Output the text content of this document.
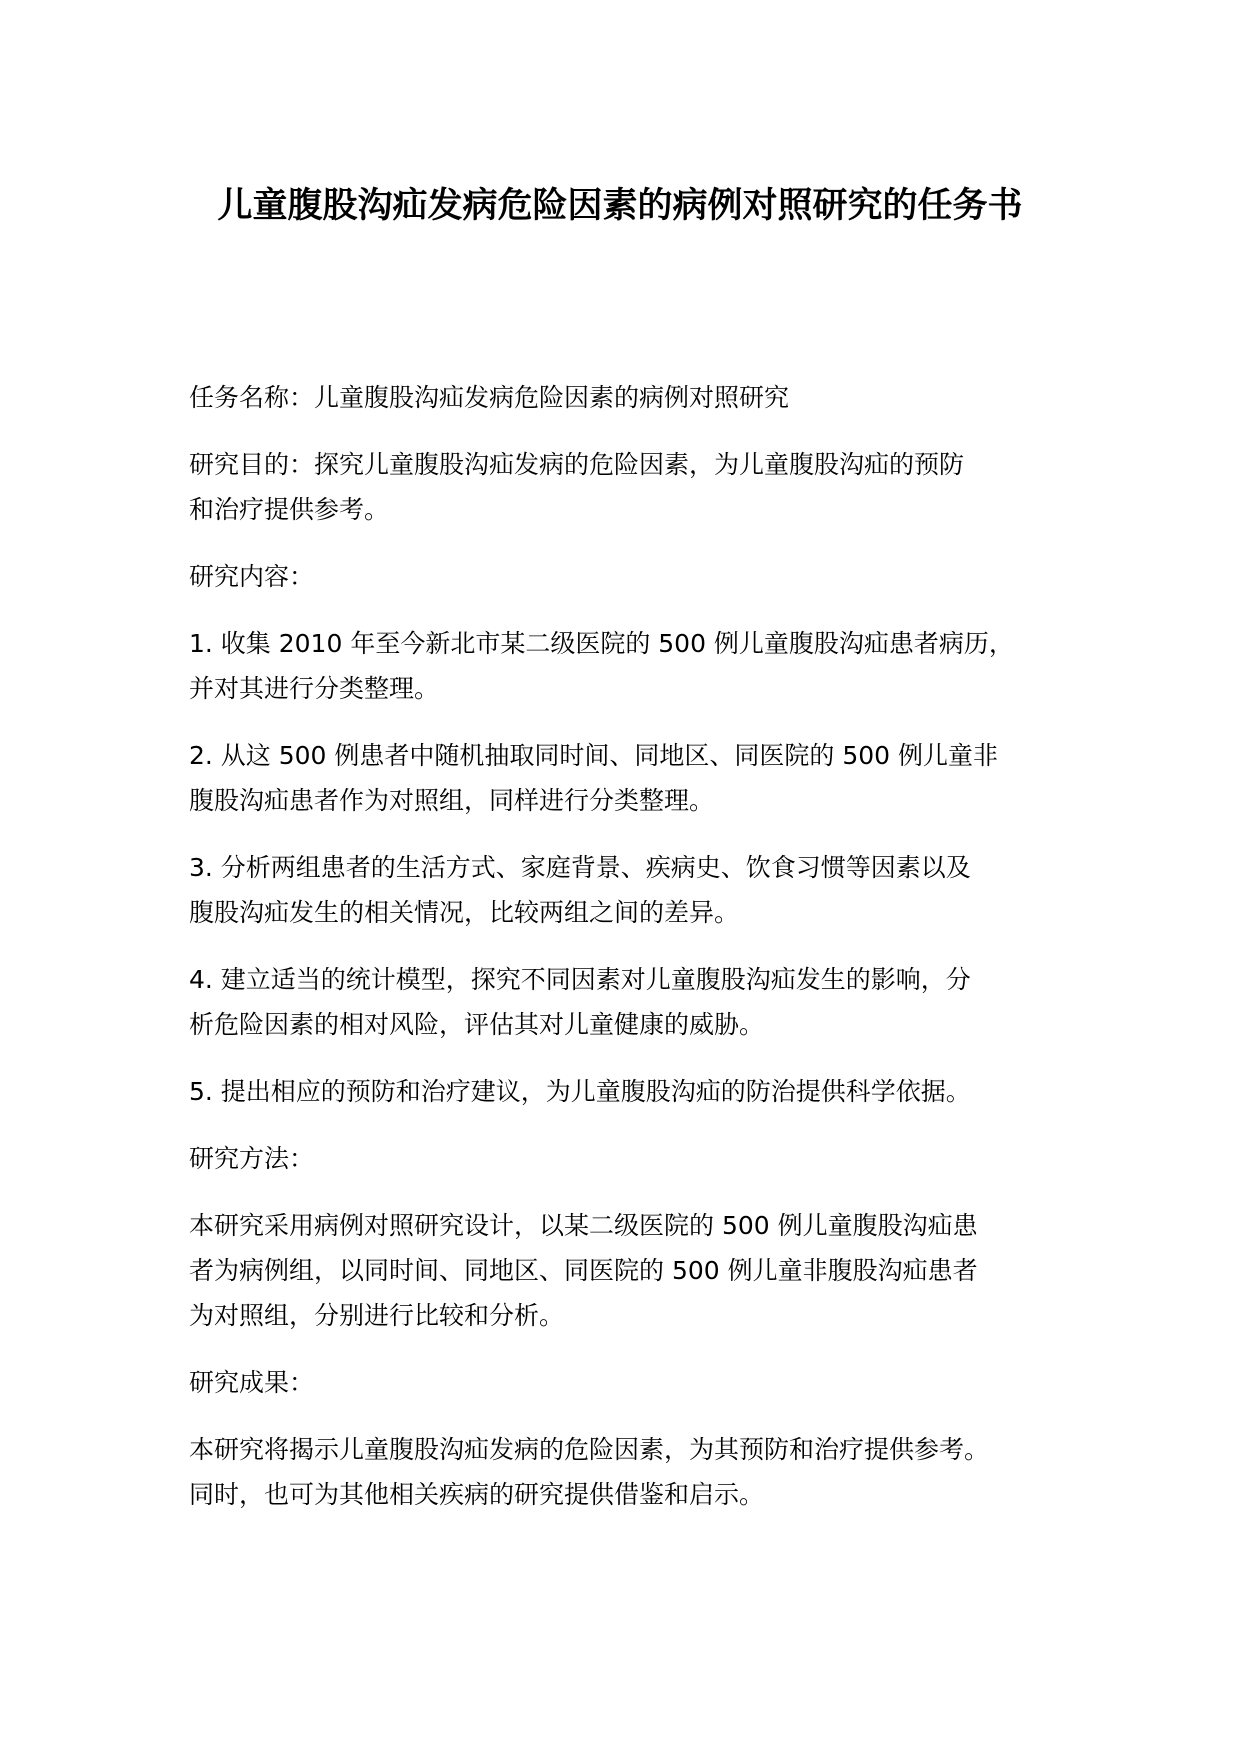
儿童腹股沟疝发病危险因素的病例对照研究的任务书

任务名称：儿童腹股沟疝发病危险因素的病例对照研究

研究目的：探究儿童腹股沟疝发病的危险因素，为儿童腹股沟疝的预防
和治疗提供参考。

研究内容：

1. 收集 2010 年至今新北市某二级医院的 500 例儿童腹股沟疝患者病历，
并对其进行分类整理。

2. 从这 500 例患者中随机抽取同时间、同地区、同医院的 500 例儿童非
腹股沟疝患者作为对照组，同样进行分类整理。

3. 分析两组患者的生活方式、家庭背景、疾病史、饮食习惯等因素以及
腹股沟疝发生的相关情况，比较两组之间的差异。

4. 建立适当的统计模型，探究不同因素对儿童腹股沟疝发生的影响，分
析危险因素的相对风险，评估其对儿童健康的威胁。

5. 提出相应的预防和治疗建议，为儿童腹股沟疝的防治提供科学依据。

研究方法：

本研究采用病例对照研究设计，以某二级医院的 500 例儿童腹股沟疝患
者为病例组，以同时间、同地区、同医院的 500 例儿童非腹股沟疝患者
为对照组，分别进行比较和分析。

研究成果：

本研究将揭示儿童腹股沟疝发病的危险因素，为其预防和治疗提供参考。
同时，也可为其他相关疾病的研究提供借鉴和启示。
